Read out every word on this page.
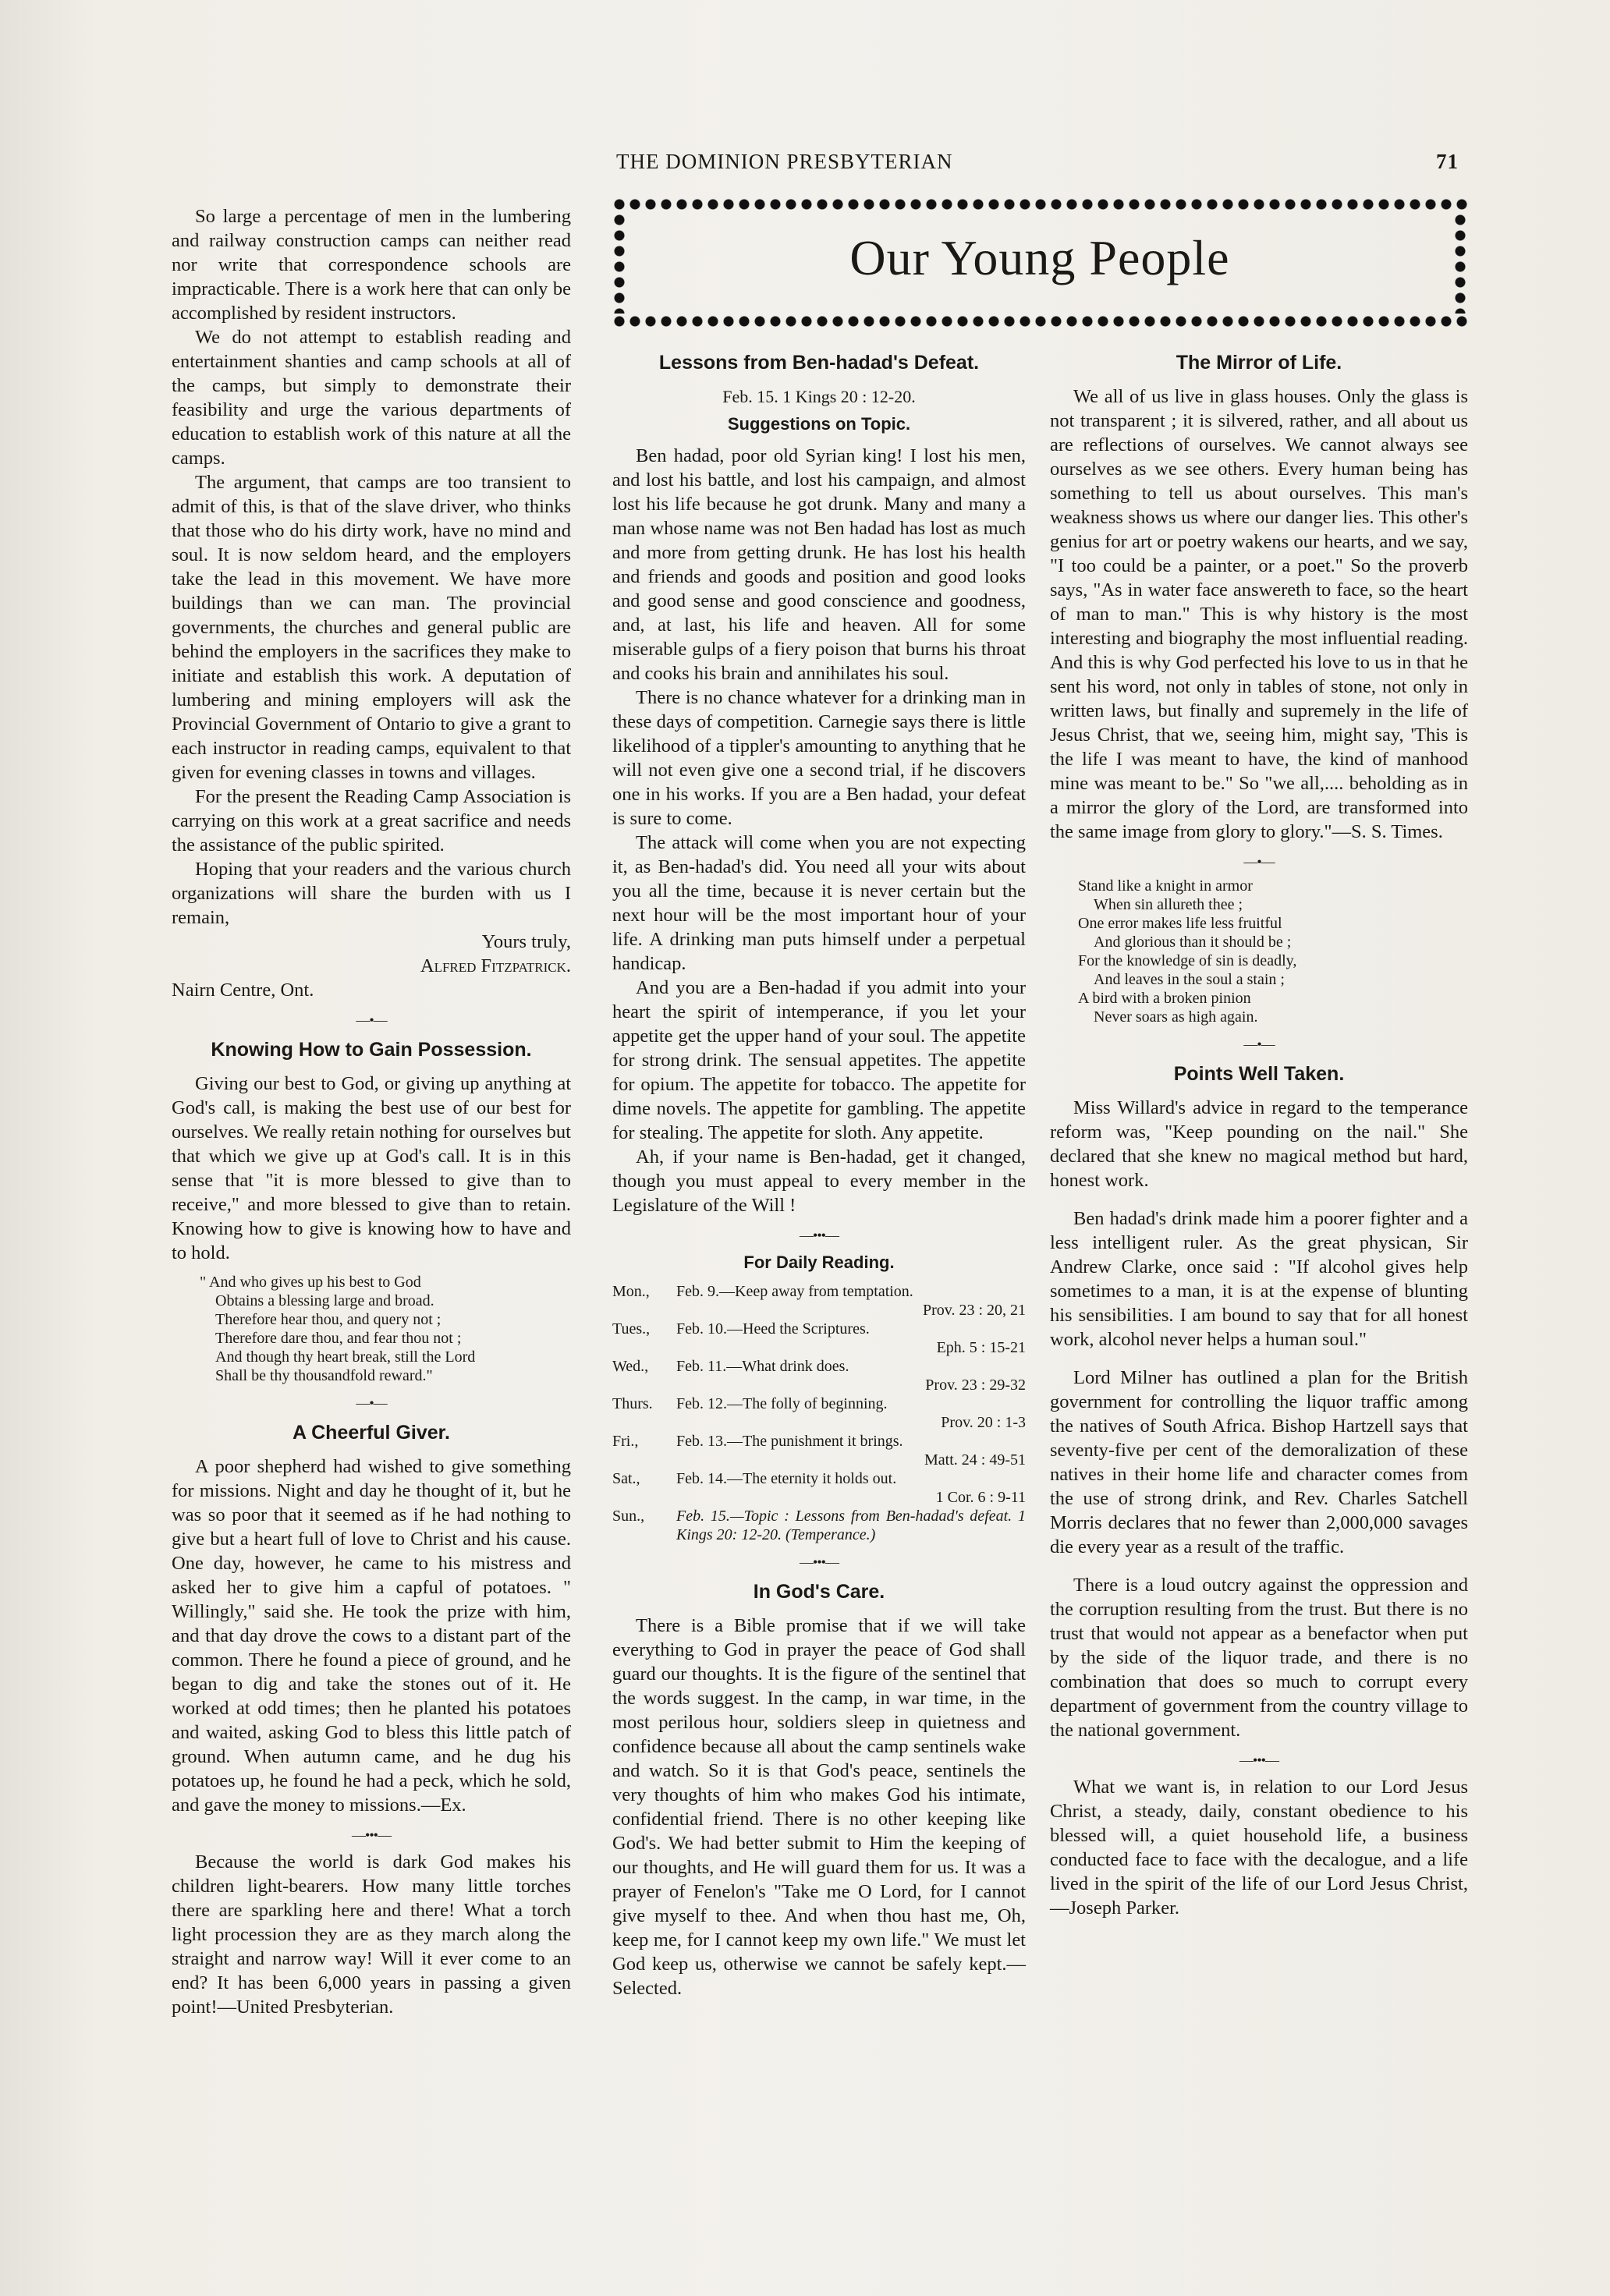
THE DOMINION PRESBYTERIAN	71
Our Young People

So large a percentage of men in the lumbering and railway construction camps can neither read nor write that correspondence schools are impracticable. There is a work here that can only be accomplished by resident instructors.

We do not attempt to establish reading and entertainment shanties and camp schools at all of the camps, but simply to demonstrate their feasibility and urge the various departments of education to establish work of this nature at all the camps.

The argument, that camps are too transient to admit of this, is that of the slave driver, who thinks that those who do his dirty work, have no mind and soul. It is now seldom heard, and the employers take the lead in this movement. We have more buildings than we can man. The provincial governments, the churches and general public are behind the employers in the sacrifices they make to initiate and establish this work. A deputation of lumbering and mining employers will ask the Provincial Government of Ontario to give a grant to each instructor in reading camps, equivalent to that given for evening classes in towns and villages.

For the present the Reading Camp Association is carrying on this work at a great sacrifice and needs the assistance of the public spirited.

Hoping that your readers and the various church organizations will share the burden with us I remain,

Yours truly,
Alfred Fitzpatrick.

Nairn Centre, Ont.

—•—
Knowing How to Gain Possession.

Giving our best to God, or giving up anything at God's call, is making the best use of our best for ourselves. We really retain nothing for ourselves but that which we give up at God's call. It is in this sense that "it is more blessed to give than to receive," and more blessed to give than to retain. Knowing how to give is knowing how to have and to hold.

" And who gives up his best to God
Obtains a blessing large and broad.
Therefore hear thou, and query not ;
Therefore dare thou, and fear thou not ;
And though thy heart break, still the Lord
Shall be thy thousandfold reward."
—•—
A Cheerful Giver.

A poor shepherd had wished to give something for missions. Night and day he thought of it, but he was so poor that it seemed as if he had nothing to give but a heart full of love to Christ and his cause. One day, however, he came to his mistress and asked her to give him a capful of potatoes. " Willingly," said she. He took the prize with him, and that day drove the cows to a distant part of the common. There he found a piece of ground, and he began to dig and take the stones out of it. He worked at odd times; then he planted his potatoes and waited, asking God to bless this little patch of ground. When autumn came, and he dug his potatoes up, he found he had a peck, which he sold, and gave the money to missions.—Ex.

—•••—

Because the world is dark God makes his children light-bearers. How many little torches there are sparkling here and there! What a torch light procession they are as they march along the straight and narrow way! Will it ever come to an end? It has been 6,000 years in passing a given point!—United Presbyterian.

Lessons from Ben-hadad's Defeat.
Feb. 15. 1 Kings 20 : 12-20.
Suggestions on Topic.

Ben hadad, poor old Syrian king! I lost his men, and lost his battle, and lost his campaign, and almost lost his life because he got drunk. Many and many a man whose name was not Ben hadad has lost as much and more from getting drunk. He has lost his health and friends and goods and position and good looks and good sense and good conscience and goodness, and, at last, his life and heaven. All for some miserable gulps of a fiery poison that burns his throat and cooks his brain and annihilates his soul.

There is no chance whatever for a drinking man in these days of competition. Carnegie says there is little likelihood of a tippler's amounting to anything that he will not even give one a second trial, if he discovers one in his works. If you are a Ben hadad, your defeat is sure to come.

The attack will come when you are not expecting it, as Ben-hadad's did. You need all your wits about you all the time, because it is never certain but the next hour will be the most important hour of your life. A drinking man puts himself under a perpetual handicap.

And you are a Ben-hadad if you admit into your heart the spirit of intemperance, if you let your appetite get the upper hand of your soul. The appetite for strong drink. The sensual appetites. The appetite for opium. The appetite for tobacco. The appetite for dime novels. The appetite for gambling. The appetite for stealing. The appetite for sloth. Any appetite.

Ah, if your name is Ben-hadad, get it changed, though you must appeal to every member in the Legislature of the Will !

—•••—
For Daily Reading.
Mon.,	Feb. 9.—Keep away from temptation.
Prov. 23 : 20, 21
Tues.,	Feb. 10.—Heed the Scriptures.
Eph. 5 : 15-21
Wed.,	Feb. 11.—What drink does.
Prov. 23 : 29-32
Thurs.	Feb. 12.—The folly of beginning.
Prov. 20 : 1-3
Fri.,	Feb. 13.—The punishment it brings.
Matt. 24 : 49-51
Sat.,	Feb. 14.—The eternity it holds out.
1 Cor. 6 : 9-11
Sun.,	Feb. 15.—Topic : Lessons from Ben-hadad's defeat. 1 Kings 20: 12-20. (Temperance.)
—•••—
In God's Care.

There is a Bible promise that if we will take everything to God in prayer the peace of God shall guard our thoughts. It is the figure of the sentinel that the words suggest. In the camp, in war time, in the most perilous hour, soldiers sleep in quietness and confidence because all about the camp sentinels wake and watch. So it is that God's peace, sentinels the very thoughts of him who makes God his intimate, confidential friend. There is no other keeping like God's. We had better submit to Him the keeping of our thoughts, and He will guard them for us. It was a prayer of Fenelon's "Take me O Lord, for I cannot give myself to thee. And when thou hast me, Oh, keep me, for I cannot keep my own life." We must let God keep us, otherwise we cannot be safely kept.—Selected.

The Mirror of Life.

We all of us live in glass houses. Only the glass is not transparent ; it is silvered, rather, and all about us are reflections of ourselves. We cannot always see ourselves as we see others. Every human being has something to tell us about ourselves. This man's weakness shows us where our danger lies. This other's genius for art or poetry wakens our hearts, and we say, "I too could be a painter, or a poet." So the proverb says, "As in water face answereth to face, so the heart of man to man." This is why history is the most interesting and biography the most influential reading. And this is why God perfected his love to us in that he sent his word, not only in tables of stone, not only in written laws, but finally and supremely in the life of Jesus Christ, that we, seeing him, might say, 'This is the life I was meant to have, the kind of manhood mine was meant to be." So "we all,.... beholding as in a mirror the glory of the Lord, are transformed into the same image from glory to glory."—S. S. Times.

—•—
Stand like a knight in armor
When sin allureth thee ;
One error makes life less fruitful
And glorious than it should be ;
For the knowledge of sin is deadly,
And leaves in the soul a stain ;
A bird with a broken pinion
Never soars as high again.
—•—
Points Well Taken.

Miss Willard's advice in regard to the temperance reform was, "Keep pounding on the nail." She declared that she knew no magical method but hard, honest work.

Ben hadad's drink made him a poorer fighter and a less intelligent ruler. As the great physican, Sir Andrew Clarke, once said : "If alcohol gives help sometimes to a man, it is at the expense of blunting his sensibilities. I am bound to say that for all honest work, alcohol never helps a human soul."

Lord Milner has outlined a plan for the British government for controlling the liquor traffic among the natives of South Africa. Bishop Hartzell says that seventy-five per cent of the demoralization of these natives in their home life and character comes from the use of strong drink, and Rev. Charles Satchell Morris declares that no fewer than 2,000,000 savages die every year as a result of the traffic.

There is a loud outcry against the oppression and the corruption resulting from the trust. But there is no trust that would not appear as a benefactor when put by the side of the liquor trade, and there is no combination that does so much to corrupt every department of government from the country village to the national government.

—•••—

What we want is, in relation to our Lord Jesus Christ, a steady, daily, constant obedience to his blessed will, a quiet household life, a business conducted face to face with the decalogue, and a life lived in the spirit of the life of our Lord Jesus Christ,—Joseph Parker.
